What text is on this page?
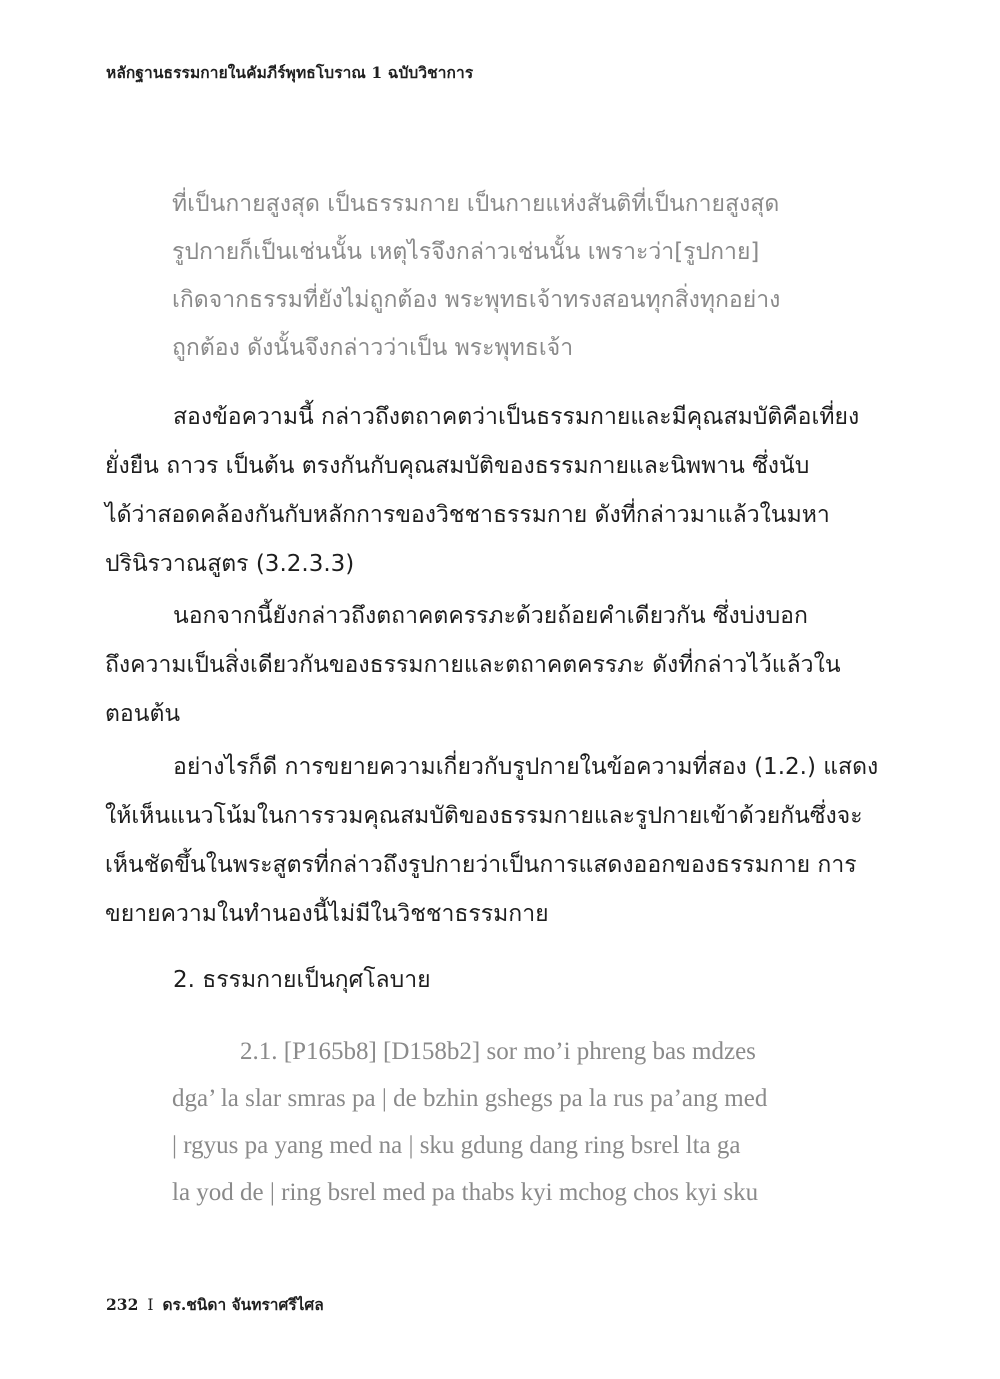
หลักฐานธรรมกายในคัมภีร์พุทธโบราณ 1 ฉบับวิชาการ
ที่เป็นกายสูงสุด เป็นธรรมกาย เป็นกายแห่งสันติที่เป็นกายสูงสุด
รูปกายก็เป็นเช่นนั้น เหตุไรจึงกล่าวเช่นนั้น เพราะว่า[รูปกาย]
เกิดจากธรรมที่ยังไม่ถูกต้อง พระพุทธเจ้าทรงสอนทุกสิ่งทุกอย่าง
ถูกต้อง ดังนั้นจึงกล่าวว่าเป็น พระพุทธเจ้า
สองข้อความนี้ กล่าวถึงตถาคตว่าเป็นธรรมกายและมีคุณสมบัติคือเที่ยง
ยั่งยืน ถาวร เป็นต้น ตรงกันกับคุณสมบัติของธรรมกายและนิพพาน ซึ่งนับ
ได้ว่าสอดคล้องกันกับหลักการของวิชชาธรรมกาย ดังที่กล่าวมาแล้วในมหา
ปรินิรวาณสูตร (3.2.3.3)
นอกจากนี้ยังกล่าวถึงตถาคตครรภะด้วยถ้อยคำเดียวกัน ซึ่งบ่งบอก
ถึงความเป็นสิ่งเดียวกันของธรรมกายและตถาคตครรภะ ดังที่กล่าวไว้แล้วใน
ตอนต้น
อย่างไรก็ดี การขยายความเกี่ยวกับรูปกายในข้อความที่สอง (1.2.) แสดง
ให้เห็นแนวโน้มในการรวมคุณสมบัติของธรรมกายและรูปกายเข้าด้วยกันซึ่งจะ
เห็นชัดขึ้นในพระสูตรที่กล่าวถึงรูปกายว่าเป็นการแสดงออกของธรรมกาย การ
ขยายความในทำนองนี้ไม่มีในวิชชาธรรมกาย
2. ธรรมกายเป็นกุศโลบาย
2.1. [P165b8] [D158b2] sor mo’i phreng bas mdzes
dga’ la slar smras pa | de bzhin gshegs pa la rus pa’ang med
| rgyus pa yang med na | sku gdung dang ring bsrel lta ga
la yod de | ring bsrel med pa thabs kyi mchog chos kyi sku
232 I ดร.ชนิดา จันทราศรีไศล
